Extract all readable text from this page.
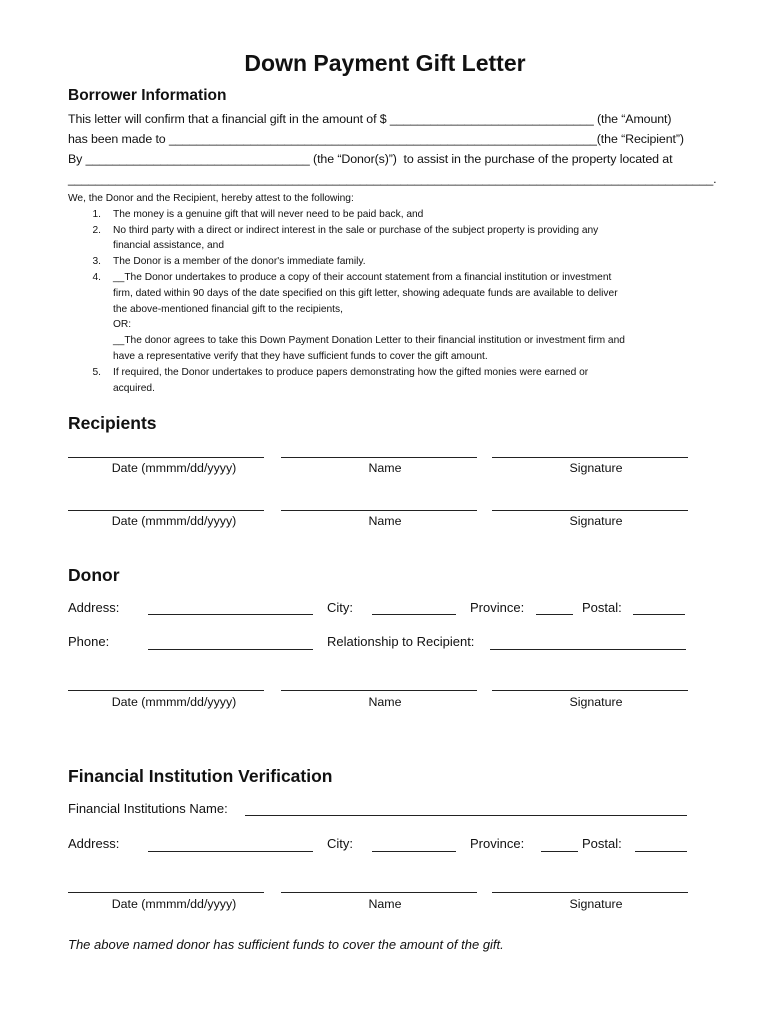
Down Payment Gift Letter
Borrower Information
This letter will confirm that a financial gift in the amount of $ ______________________________ (the “Amount)
has been made to _______________________________________________________________(the “Recipient”)
By _________________________________ (the “Donor(s)”)  to assist in the purchase of the property located at
_______________________________________________________________________________________________.
We, the Donor and the Recipient, hereby attest to the following:
1.	The money is a genuine gift that will never need to be paid back, and
2.	No third party with a direct or indirect interest in the sale or purchase of the subject property is providing any
financial assistance, and
3.	The Donor is a member of the donor's immediate family.
4.	__The Donor undertakes to produce a copy of their account statement from a financial institution or investment
firm, dated within 90 days of the date specified on this gift letter, showing adequate funds are available to deliver
the above-mentioned financial gift to the recipients,
OR:
__The donor agrees to take this Down Payment Donation Letter to their financial institution or investment firm and
have a representative verify that they have sufficient funds to cover the gift amount.
5.	If required, the Donor undertakes to produce papers demonstrating how the gifted monies were earned or
acquired.
Recipients
Date (mmmm/dd/yyyy)	Name	Signature
Date (mmmm/dd/yyyy)	Name	Signature
Donor
Address:	City:	Province:	Postal:
Phone:	Relationship to Recipient:
Date (mmmm/dd/yyyy)	Name	Signature
Financial Institution Verification
Financial Institutions Name:
Address:	City:	Province:	Postal:
Date (mmmm/dd/yyyy)	Name	Signature
The above named donor has sufficient funds to cover the amount of the gift.
